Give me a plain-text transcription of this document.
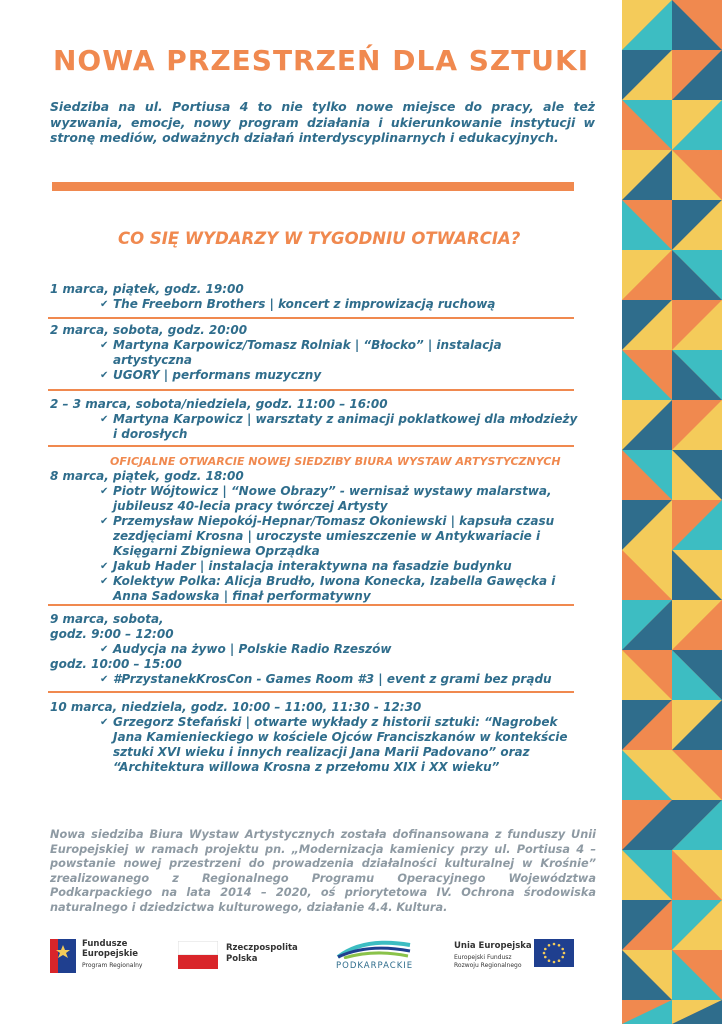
NOWA PRZESTRZEŃ DLA SZTUKI
Siedziba na ul. Portiusa 4 to nie tylko nowe miejsce do pracy, ale też wyzwania, emocje, nowy program działania i ukierunkowanie instytucji w stronę mediów, odważnych działań interdyscyplinarnych i edukacyjnych.
CO SIĘ WYDARZY W TYGODNIU OTWARCIA?
1 marca, piątek, godz. 19:00
✔ The Freeborn Brothers | koncert z improwizacją ruchową
2 marca, sobota, godz. 20:00
✔ Martyna Karpowicz/Tomasz Rolniak | “Błocko” | instalacja artystyczna
✔ UGORY | performans muzyczny
2 – 3 marca, sobota/niedziela, godz. 11:00 – 16:00
✔ Martyna Karpowicz | warsztaty z animacji poklatkowej dla młodzieży i dorosłych
OFICJALNE OTWARCIE NOWEJ SIEDZIBY BIURA WYSTAW ARTYSTYCZNYCH
8 marca, piątek, godz. 18:00
✔ Piotr Wójtowicz | “Nowe Obrazy” - wernisaż wystawy malarstwa, jubileusz 40-lecia pracy twórczej Artysty
✔ Przemysław Niepokój-Hepnar/Tomasz Okoniewski | kapsuła czasu zezdjęciami Krosna | uroczyste umieszczenie w Antykwariacie i Księgarni Zbigniewa Oprządka
✔ Jakub Hader | instalacja interaktywna na fasadzie budynku
✔ Kolektyw Polka: Alicja Brudło, Iwona Konecka, Izabella Gawęcka i Anna Sadowska | finał performatywny
9 marca, sobota,
godz. 9:00 – 12:00
✔ Audycja na żywo | Polskie Radio Rzeszów
godz. 10:00 – 15:00
✔ #PrzystanekKrosCon - Games Room #3 | event z grami bez prądu
10 marca, niedziela, godz. 10:00 – 11:00, 11:30 - 12:30
✔ Grzegorz Stefański | otwarte wykłady z historii sztuki: “Nagrobek Jana Kamienieckiego w kościele Ojców Franciszkanów w kontekście sztuki XVI wieku i innych realizacji Jana Marii Padovano” oraz “Architektura willowa Krosna z przełomu XIX i XX wieku”
Nowa siedziba Biura Wystaw Artystycznych została dofinansowana z funduszy Unii Europejskiej w ramach projektu pn. „Modernizacja kamienicy przy ul. Portiusa 4 – powstanie nowej przestrzeni do prowadzenia działalności kulturalnej w Krośnie” zrealizowanego z Regionalnego Programu Operacyjnego Województwa Podkarpackiego na lata 2014 – 2020, oś priorytetowa IV. Ochrona środowiska naturalnego i dziedzictwa kulturowego, działanie 4.4. Kultura.
Fundusze
Europejskie
Program Regionalny
Rzeczpospolita
Polska
PODKARPACKIE
Unia Europejska
Europejski Fundusz
Rozwoju Regionalnego
